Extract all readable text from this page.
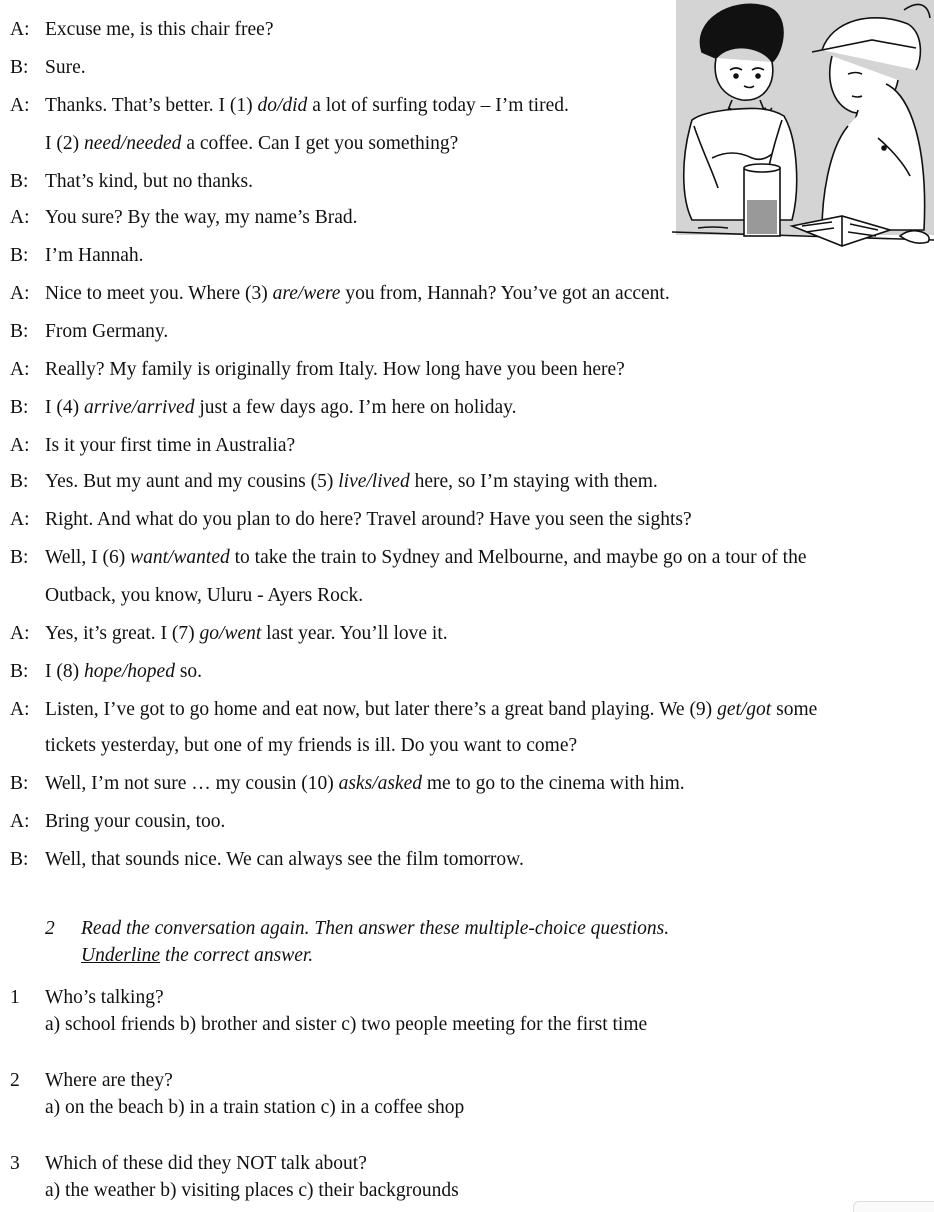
A: Excuse me, is this chair free?
B: Sure.
A: Thanks. That’s better. I (1) do/did a lot of surfing today – I’m tired.
I (2) need/needed a coffee. Can I get you something?
B: That’s kind, but no thanks.
A: You sure? By the way, my name’s Brad.
B: I’m Hannah.
A: Nice to meet you. Where (3) are/were you from, Hannah? You’ve got an accent.
B: From Germany.
A: Really? My family is originally from Italy. How long have you been here?
B: I (4) arrive/arrived just a few days ago. I’m here on holiday.
A: Is it your first time in Australia?
B: Yes. But my aunt and my cousins (5) live/lived here, so I’m staying with them.
A: Right. And what do you plan to do here? Travel around? Have you seen the sights?
B: Well, I (6) want/wanted to take the train to Sydney and Melbourne, and maybe go on a tour of the
Outback, you know, Uluru - Ayers Rock.
A: Yes, it’s great. I (7) go/went last year. You’ll love it.
B: I (8) hope/hoped so.
A: Listen, I’ve got to go home and eat now, but later there’s a great band playing. We (9) get/got some
tickets yesterday, but one of my friends is ill. Do you want to come?
B: Well, I’m not sure … my cousin (10) asks/asked me to go to the cinema with him.
A: Bring your cousin, too.
B: Well, that sounds nice. We can always see the film tomorrow.
2 Read the conversation again. Then answer these multiple-choice questions.
Underline the correct answer.
1 Who’s talking?
a) school friends b) brother and sister c) two people meeting for the first time
2 Where are they?
a) on the beach b) in a train station c) in a coffee shop
3 Which of these did they NOT talk about?
a) the weather b) visiting places c) their backgrounds
